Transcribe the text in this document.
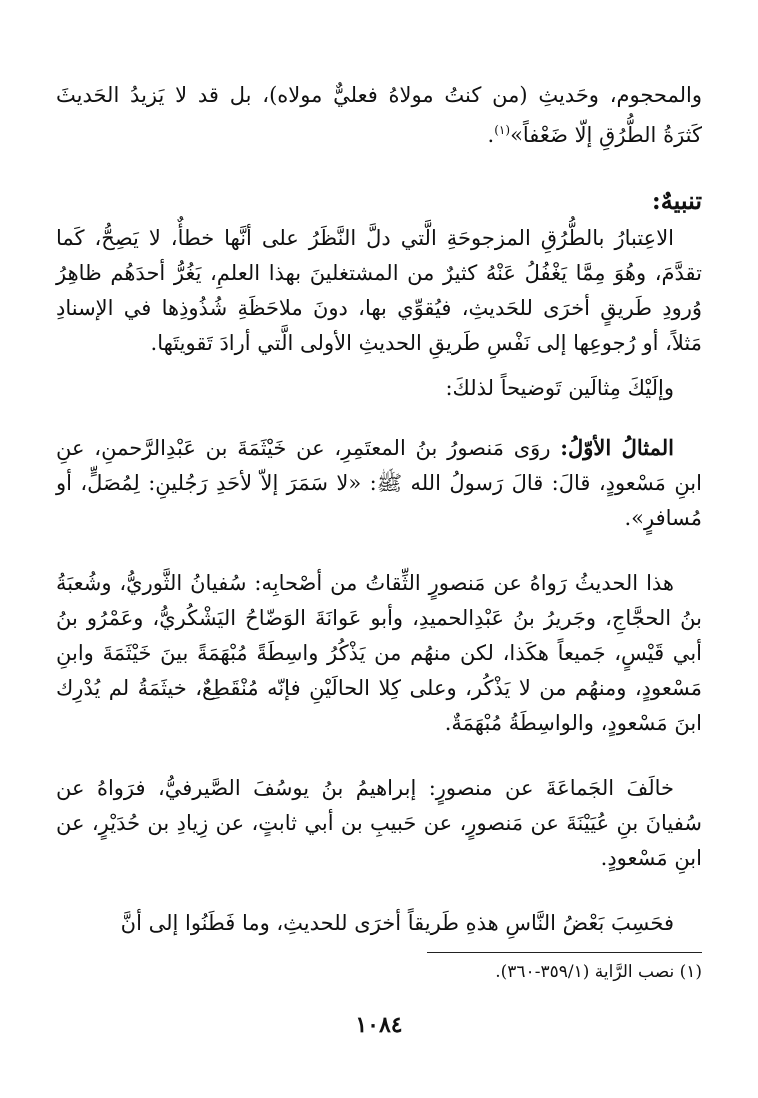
والمحجوم، وحَديثِ (من كنتُ مولاهُ فعليٌّ مولاه)، بل قد لا يَزيدُ الحَديثَ كَثرَةُ الطُّرُقِ إلّا ضَعْفاً»$^{(١)}$.

تنبيهٌ:

الاعِتبارُ بالطُّرُقِ المزجوحَةِ الَّتي دلَّ النَّظَرُ على أنَّها خطأٌ، لا يَصِحُّ، كَما تقدَّمَ، وهُوَ مِمَّا يَغْفُلُ عَنْهُ كثيرٌ من المشتغلينَ بهذا العلمِ، يَغُرُّ أحدَهُم ظاهِرُ وُرودِ طَريقٍ أخرَى للحَديثِ، فيُقوِّي بها، دونَ ملاحَظَةِ شُذُوذِها في الإسنادِ مَثلاً، أو رُجوعِها إلى نَفْسِ طَريقِ الحديثِ الأولى الَّتي أرادَ تَقويتَها.

وإلَيْكَ مِثالَين تَوضيحاً لذلكَ:

المثالُ الأوّلُ: روَى مَنصورُ بنُ المعتَمِرِ، عن خَيْثَمَةَ بن عَبْدِالرَّحمنِ، عنِ ابنِ مَسْعودٍ، قالَ: قالَ رَسولُ الله ﷺ: «لا سَمَرَ إلاّ لأحَدِ رَجُلينِ: لِمُصَلٍّ، أو مُسافرٍ».

هذا الحديثُ رَواهُ عن مَنصورٍ الثِّقاتُ من أصْحابِه: سُفيانُ الثَّوريُّ، وشُعبَةُ بنُ الحجَّاجِ، وجَريرُ بنُ عَبْدِالحميدِ، وأبو عَوانَةَ الوَضّاحُ اليَشْكُريُّ، وعَمْرُو بنُ أبي قَيْسٍ، جَميعاً هكَذا، لكن منهُم من يَذْكُرُ واسِطَةً مُبْهَمَةً بينَ خَيْثَمَةَ وابنِ مَسْعودٍ، ومنهُم من لا يَذْكُر، وعلى كِلا الحالَيْنِ فإنّه مُنْقَطِعٌ، خيثَمَةُ لم يُدْرِك ابنَ مَسْعودٍ، والواسِطَةُ مُبْهَمَةٌ.

خالَفَ الجَماعَةَ عن منصورٍ: إبراهيمُ بنُ يوسُفَ الصَّيرفيُّ، فرَواهُ عن سُفيانَ بنِ عُيَيْنَةَ عن مَنصورٍ، عن حَبيبِ بن أبي ثابتٍ، عن زِيادِ بن حُدَيْرٍ، عن ابنِ مَسْعودٍ.

فحَسِبَ بَعْضُ النَّاسِ هذهِ طَريقاً أخرَى للحديثِ، وما فَطَنُوا إلى أنَّ

(١) نصب الرَّاية (٣٥٩/١-٣٦٠).
١٠٨٤
